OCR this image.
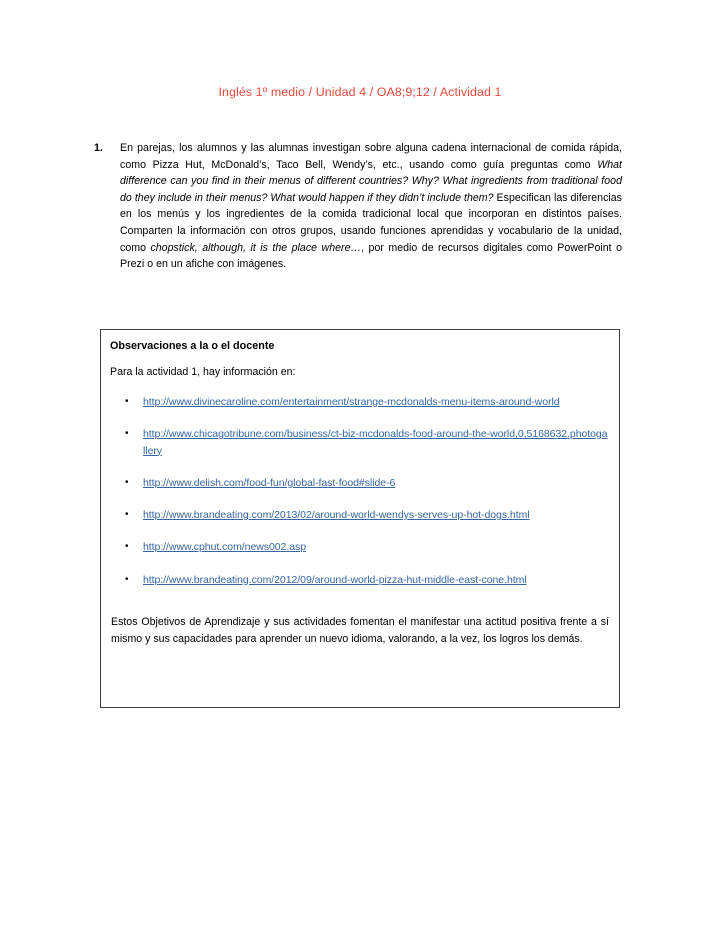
Inglés 1º medio / Unidad 4 / OA8;9;12 / Actividad 1
1.	En parejas, los alumnos y las alumnas investigan sobre alguna cadena internacional de comida rápida, como Pizza Hut, McDonald’s, Taco Bell, Wendy’s, etc., usando como guía preguntas como What difference can you find in their menus of different countries? Why? What ingredients from traditional food do they include in their menus? What would happen if they didn’t include them? Especifican las diferencias en los menús y los ingredientes de la comida tradicional local que incorporan en distintos países. Comparten la información con otros grupos, usando funciones aprendidas y vocabulario de la unidad, como chopstick, although, it is the place where…, por medio de recursos digitales como PowerPoint o Prezi o en un afiche con imágenes.
Observaciones a la o el docente
Para la actividad 1, hay información en:
• http://www.divinecaroline.com/entertainment/strange-mcdonalds-menu-items-around-world
• http://www.chicagotribune.com/business/ct-biz-mcdonalds-food-around-the-world,0,5168632.photogallery
• http://www.delish.com/food-fun/global-fast-food#slide-6
• http://www.brandeating.com/2013/02/around-world-wendys-serves-up-hot-dogs.html
• http://www.cphut.com/news002.asp
• http://www.brandeating.com/2012/09/around-world-pizza-hut-middle-east-cone.html
Estos Objetivos de Aprendizaje y sus actividades fomentan el manifestar una actitud positiva frente a sí mismo y sus capacidades para aprender un nuevo idioma, valorando, a la vez, los logros los demás.
